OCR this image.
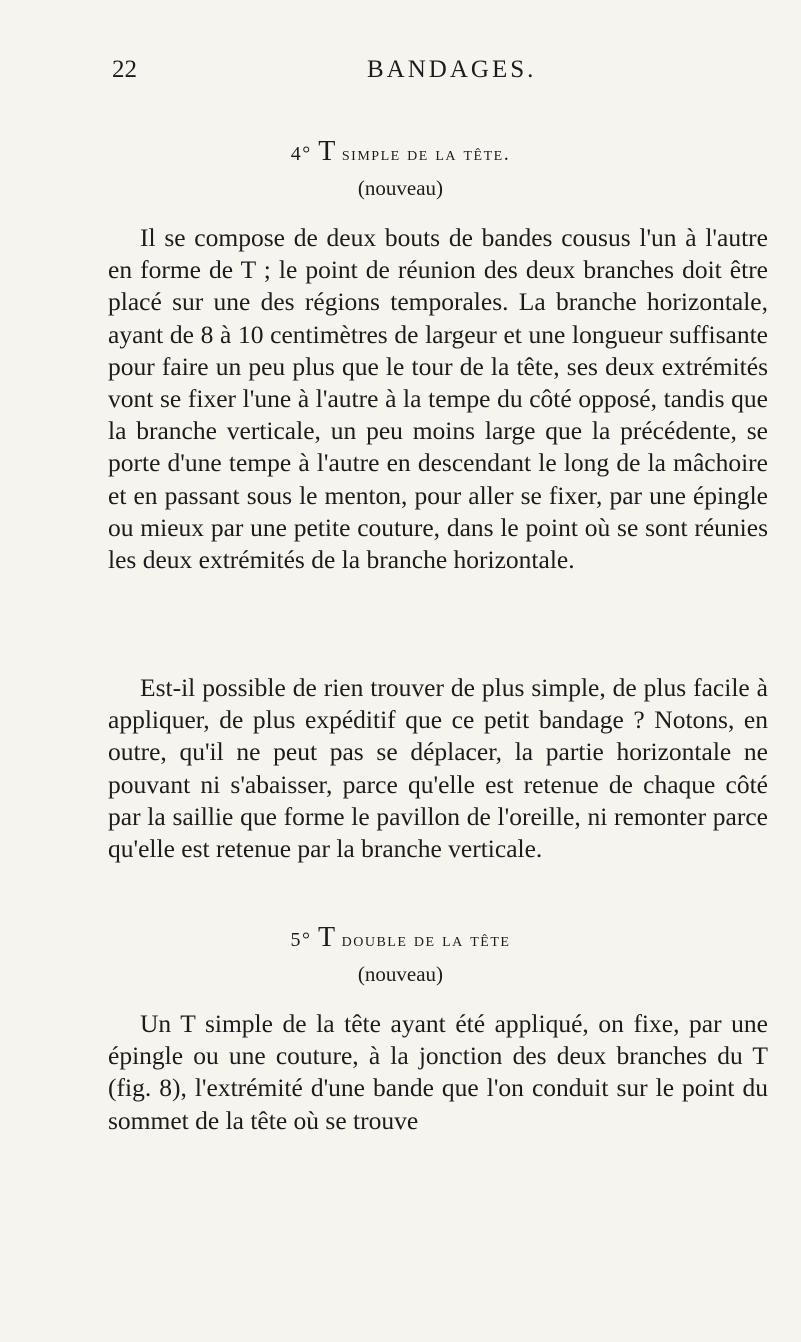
22	BANDAGES.
4° T simple de la tête.
(nouveau)

Il se compose de deux bouts de bandes cousus l'un à l'autre en forme de T ; le point de réunion des deux branches doit être placé sur une des régions temporales. La branche horizontale, ayant de 8 à 10 centimètres de largeur et une longueur suffisante pour faire un peu plus que le tour de la tête, ses deux extrémités vont se fixer l'une à l'autre à la tempe du côté opposé, tandis que la branche verticale, un peu moins large que la précédente, se porte d'une tempe à l'autre en descendant le long de la mâchoire et en passant sous le menton, pour aller se fixer, par une épingle ou mieux par une petite couture, dans le point où se sont réunies les deux extrémités de la branche horizontale.

Est-il possible de rien trouver de plus simple, de plus facile à appliquer, de plus expéditif que ce petit bandage ? Notons, en outre, qu'il ne peut pas se déplacer, la partie horizontale ne pouvant ni s'abaisser, parce qu'elle est retenue de chaque côté par la saillie que forme le pavillon de l'oreille, ni remonter parce qu'elle est retenue par la branche verticale.

5° T double de la tête
(nouveau)

Un T simple de la tête ayant été appliqué, on fixe, par une épingle ou une couture, à la jonction des deux branches du T (fig. 8), l'extrémité d'une bande que l'on conduit sur le point du sommet de la tête où se trouve
